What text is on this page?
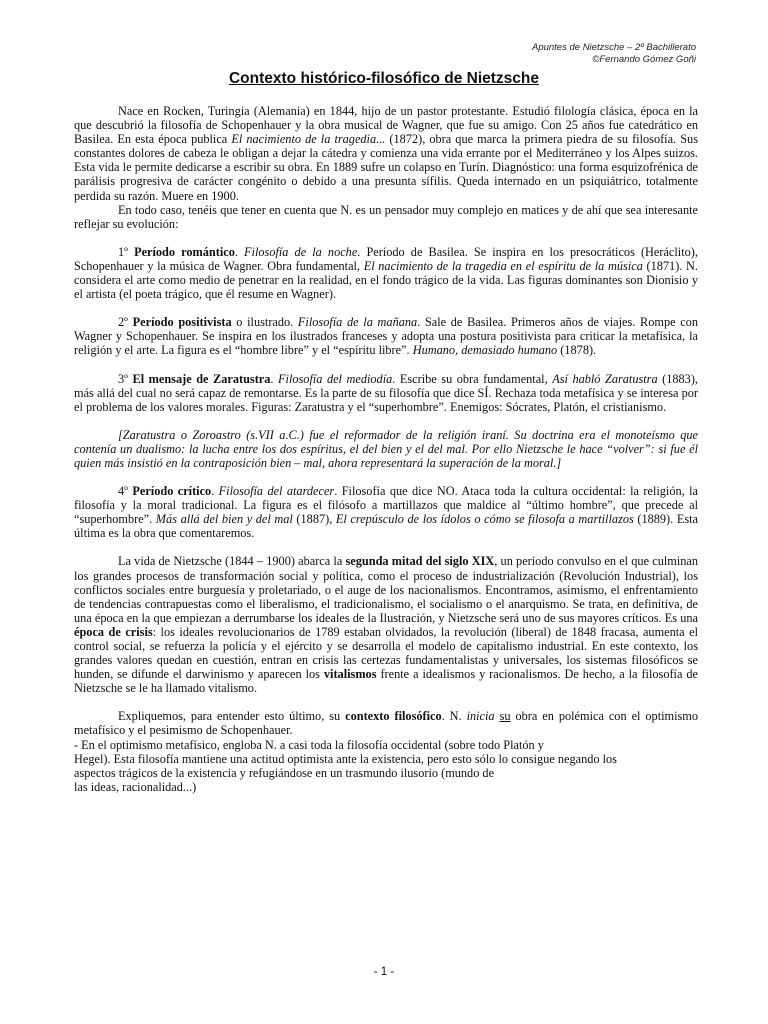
Apuntes de Nietzsche – 2º Bachillerato
©Fernando Gómez Goñi
Contexto histórico-filosófico de Nietzsche

Nace en Rocken, Turingia (Alemania) en 1844, hijo de un pastor protestante. Estudió filología clásica, época en la que descubrió la filosofía de Schopenhauer y la obra musical de Wagner, que fue su amigo. Con 25 años fue catedrático en Basilea. En esta época publica El nacimiento de la tragedia... (1872), obra que marca la primera piedra de su filosofía. Sus constantes dolores de cabeza le obligan a dejar la cátedra y comienza una vida errante por el Mediterráneo y los Alpes suizos. Esta vida le permite dedicarse a escribir su obra. En 1889 sufre un colapso en Turín. Diagnóstico: una forma esquizofrénica de parálisis progresiva de carácter congénito o debido a una presunta sífilis. Queda internado en un psiquiátrico, totalmente perdida su razón. Muere en 1900.

En todo caso, tenéis que tener en cuenta que N. es un pensador muy complejo en matices y de ahí que sea interesante reflejar su evolución:

1º Período romántico. Filosofía de la noche. Período de Basilea. Se inspira en los presocráticos (Heráclito), Schopenhauer y la música de Wagner. Obra fundamental, El nacimiento de la tragedia en el espíritu de la música (1871). N. considera el arte como medio de penetrar en la realidad, en el fondo trágico de la vida. Las figuras dominantes son Dionisio y el artista (el poeta trágico, que él resume en Wagner).

2º Período positivista o ilustrado. Filosofía de la mañana. Sale de Basilea. Primeros años de viajes. Rompe con Wagner y Schopenhauer. Se inspira en los ilustrados franceses y adopta una postura positivista para criticar la metafísica, la religión y el arte. La figura es el “hombre libre” y el “espíritu libre”. Humano, demasiado humano (1878).

3º El mensaje de Zaratustra. Filosofía del mediodía. Escribe su obra fundamental, Así habló Zaratustra (1883), más allá del cual no será capaz de remontarse. Es la parte de su filosofía que dice SÍ. Rechaza toda metafísica y se interesa por el problema de los valores morales. Figuras: Zaratustra y el “superhombre”. Enemigos: Sócrates, Platón, el cristianismo.

[Zaratustra o Zoroastro (s.VII a.C.) fue el reformador de la religión iraní. Su doctrina era el monoteísmo que contenía un dualismo: la lucha entre los dos espíritus, el del bien y el del mal. Por ello Nietzsche le hace “volver”: si fue él quien más insistió en la contraposición bien – mal, ahora representará la superación de la moral.]

4º Período crítico. Filosofía del atardecer. Filosofía que dice NO. Ataca toda la cultura occidental: la religión, la filosofía y la moral tradicional. La figura es el filósofo a martillazos que maldice al “último hombre”, que precede al “superhombre”. Más allá del bien y del mal (1887), El crepúsculo de los ídolos o cómo se filosofa a martillazos (1889). Esta última es la obra que comentaremos.

La vida de Nietzsche (1844 – 1900) abarca la segunda mitad del siglo XIX, un período convulso en el que culminan los grandes procesos de transformación social y política, como el proceso de industrialización (Revolución Industrial), los conflictos sociales entre burguesía y proletariado, o el auge de los nacionalismos. Encontramos, asimismo, el enfrentamiento de tendencias contrapuestas como el liberalismo, el tradicionalismo, el socialismo o el anarquismo. Se trata, en definitiva, de una época en la que empiezan a derrumbarse los ideales de la Ilustración, y Nietzsche será uno de sus mayores críticos. Es una época de crisis: los ideales revolucionarios de 1789 estaban olvidados, la revolución (liberal) de 1848 fracasa, aumenta el control social, se refuerza la policía y el ejército y se desarrolla el modelo de capitalismo industrial. En este contexto, los grandes valores quedan en cuestión, entran en crisis las certezas fundamentalistas y universales, los sistemas filosóficos se hunden, se difunde el darwinismo y aparecen los vitalismos frente a idealismos y racionalismos. De hecho, a la filosofía de Nietzsche se le ha llamado vitalismo.

Expliquemos, para entender esto último, su contexto filosófico. N. inicia su obra en polémica con el optimismo metafísico y el pesimismo de Schopenhauer.

- En el optimismo metafísico, engloba N. a casi toda la filosofía occidental (sobre todo Platón y

Hegel). Esta filosofía mantiene una actitud optimista ante la existencia, pero esto sólo lo consigue negando los

aspectos trágicos de la existencia y refugiándose en un trasmundo ilusorio (mundo de

las ideas, racionalidad...)

- 1 -
